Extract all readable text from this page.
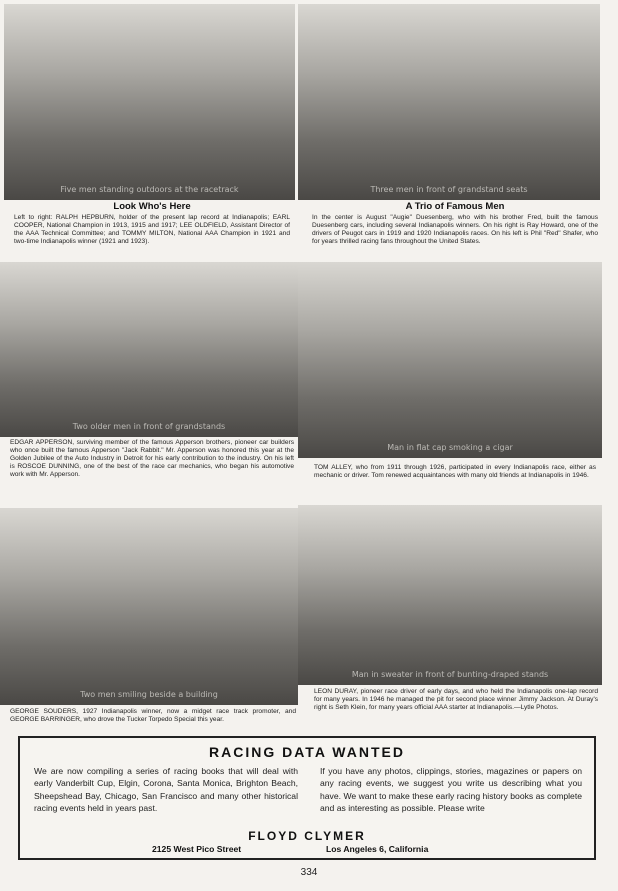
Five men standing outdoors at the racetrack	Three men in front of grandstand seats
Two older men in front of grandstands
Man in flat cap smoking a cigar
Two men smiling beside a building
Man in sweater in front of bunting-draped stands
Look Who's Here
Left to right: RALPH HEPBURN, holder of the present lap record at Indianapolis; EARL COOPER, National Champion in 1913, 1915 and 1917; LEE OLDFIELD, Assistant Director of the AAA Technical Committee; and TOMMY MILTON, National AAA Champion in 1921 and two-time Indianapolis winner (1921 and 1923).
A Trio of Famous Men
In the center is August "Augie" Duesenberg, who with his brother Fred, built the famous Duesenberg cars, including several Indianapolis winners. On his right is Ray Howard, one of the drivers of Peugot cars in 1919 and 1920 Indianapolis races. On his left is Phil "Red" Shafer, who for years thrilled racing fans throughout the United States.
EDGAR APPERSON, surviving member of the famous Apperson brothers, pioneer car builders who once built the famous Apperson "Jack Rabbit." Mr. Apperson was honored this year at the Golden Jubilee of the Auto Industry in Detroit for his early contribution to the industry. On his left is ROSCOE DUNNING, one of the best of the race car mechanics, who began his automotive work with Mr. Apperson.
TOM ALLEY, who from 1911 through 1926, participated in every Indianapolis race, either as mechanic or driver. Tom renewed acquaintances with many old friends at Indianapolis in 1946.
GEORGE SOUDERS, 1927 Indianapolis winner, now a midget race track promoter, and GEORGE BARRINGER, who drove the Tucker Torpedo Special this year.
LEON DURAY, pioneer race driver of early days, and who held the Indianapolis one-lap record for many years. In 1946 he managed the pit for second place winner Jimmy Jackson. At Duray's right is Seth Klein, for many years official AAA starter at Indianapolis.—Lytle Photos.
RACING DATA WANTED
We are now compiling a series of racing books that will deal with early Vanderbilt Cup, Elgin, Corona, Santa Monica, Brighton Beach, Sheepshead Bay, Chicago, San Francisco and many other historical racing events held in years past.
If you have any photos, clippings, stories, magazines or papers on any racing events, we suggest you write us describing what you have. We want to make these early racing history books as complete and as interesting as possible. Please write
FLOYD CLYMER
2125 West Pico Street	Los Angeles 6, California
334
